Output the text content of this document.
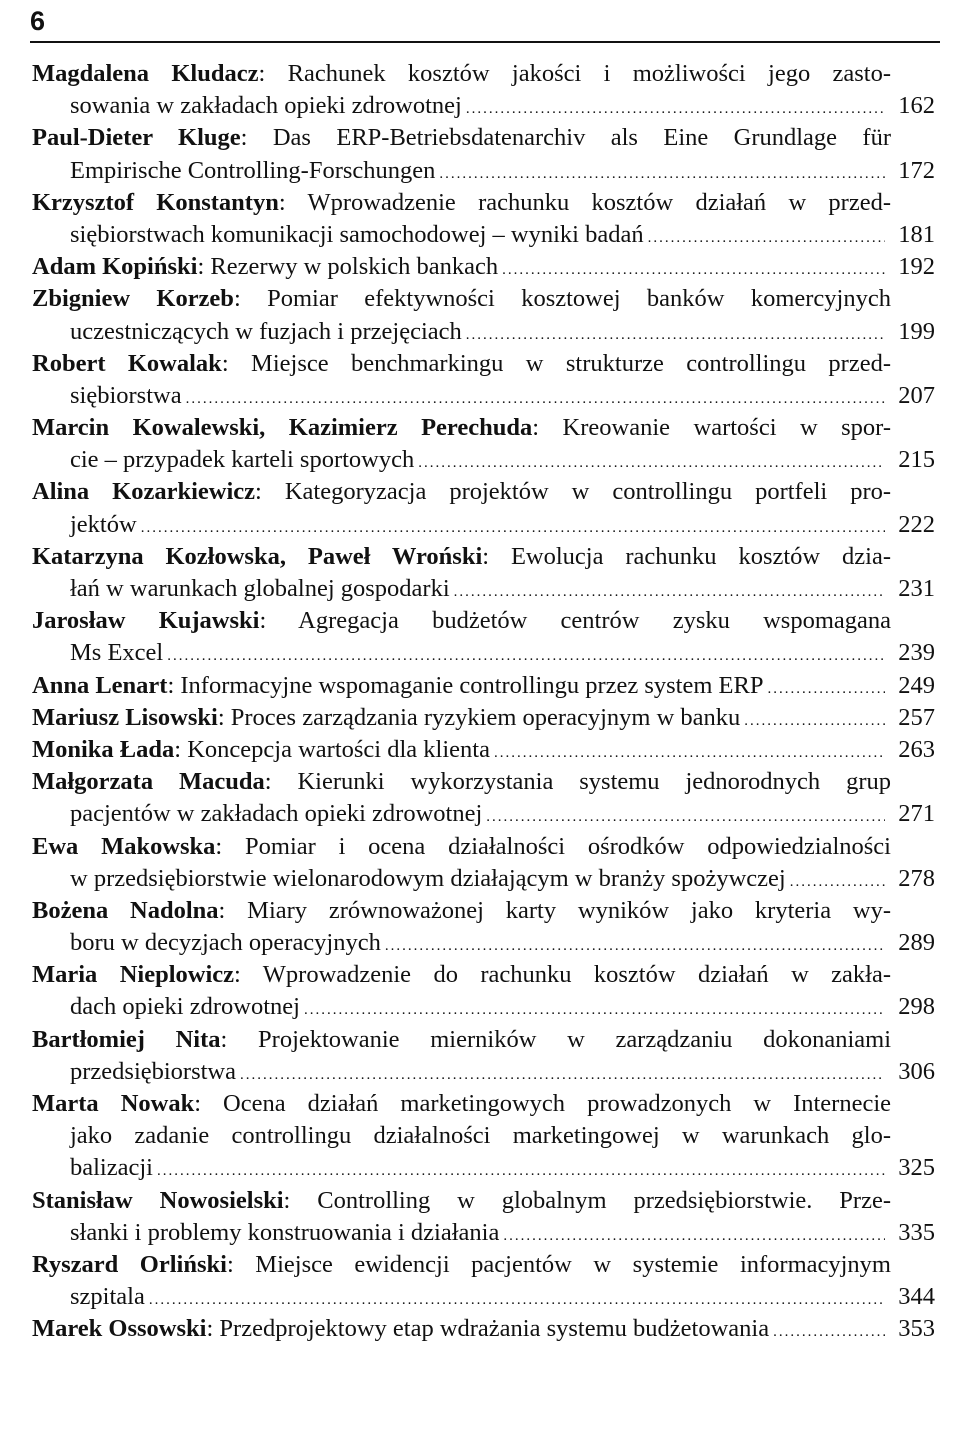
6
Magdalena Kludacz: Rachunek kosztów jakości i możliwości jego zasto-
sowania w zakładach opieki zdrowotnej .....	162
Paul-Dieter Kluge: Das ERP-Betriebsdatenarchiv als Eine Grundlage für
Empirische Controlling-Forschungen .....	172
Krzysztof Konstantyn: Wprowadzenie rachunku kosztów działań w przed-
siębiorstwach komunikacji samochodowej – wyniki badań .....	181
Adam Kopiński: Rezerwy w polskich bankach .....	192
Zbigniew Korzeb: Pomiar efektywności kosztowej banków komercyjnych
uczestniczących w fuzjach i przejęciach .....	199
Robert Kowalak: Miejsce benchmarkingu w strukturze controllingu przed-
siębiorstwa .....	207
Marcin Kowalewski, Kazimierz Perechuda: Kreowanie wartości w spor-
cie – przypadek karteli sportowych .....	215
Alina Kozarkiewicz: Kategoryzacja projektów w controllingu portfeli pro-
jektów .....	222
Katarzyna Kozłowska, Paweł Wroński: Ewolucja rachunku kosztów dzia-
łań w warunkach globalnej gospodarki .....	231
Jarosław Kujawski: Agregacja budżetów centrów zysku wspomagana
Ms Excel .....	239
Anna Lenart: Informacyjne wspomaganie controllingu przez system ERP .....	249
Mariusz Lisowski: Proces zarządzania ryzykiem operacyjnym w banku .....	257
Monika Łada: Koncepcja wartości dla klienta .....	263
Małgorzata Macuda: Kierunki wykorzystania systemu jednorodnych grup
pacjentów w zakładach opieki zdrowotnej .....	271
Ewa Makowska: Pomiar i ocena działalności ośrodków odpowiedzialności
w przedsiębiorstwie wielonarodowym działającym w branży spożywczej .....	278
Bożena Nadolna: Miary zrównoważonej karty wyników jako kryteria wy-
boru w decyzjach operacyjnych .....	289
Maria Nieplowicz: Wprowadzenie do rachunku kosztów działań w zakła-
dach opieki zdrowotnej .....	298
Bartłomiej Nita: Projektowanie mierników w zarządzaniu dokonaniami
przedsiębiorstwa .....	306
Marta Nowak: Ocena działań marketingowych prowadzonych w Internecie
jako zadanie controllingu działalności marketingowej w warunkach glo-
balizacji .....	325
Stanisław Nowosielski: Controlling w globalnym przedsiębiorstwie. Prze-
słanki i problemy konstruowania i działania .....	335
Ryszard Orliński: Miejsce ewidencji pacjentów w systemie informacyjnym
szpitala .....	344
Marek Ossowski: Przedprojektowy etap wdrażania systemu budżetowania .....	353
